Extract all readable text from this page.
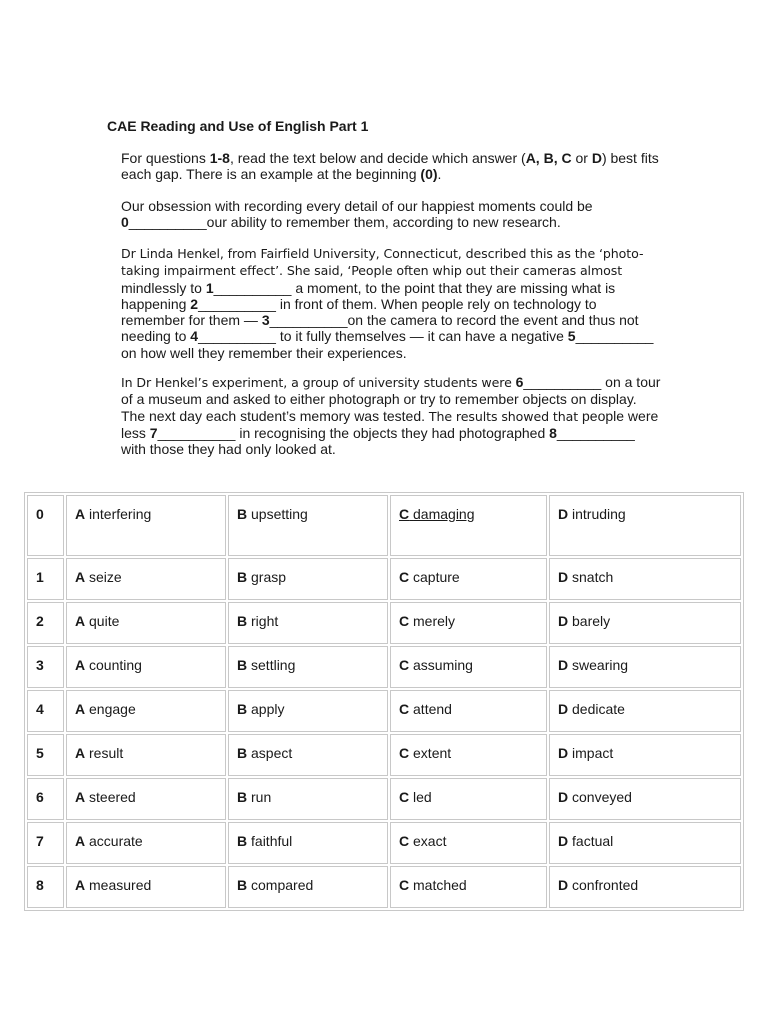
CAE Reading and Use of English Part 1

For questions 1-8, read the text below and decide which answer (A, B, C or D) best fits each gap. There is an example at the beginning (0).

Our obsession with recording every detail of our happiest moments could be 0__________our ability to remember them, according to new research.

Dr Linda Henkel, from Fairfield University, Connecticut, described this as the ‘photo-taking impairment effect’. She said, ‘People often whip out their cameras almost mindlessly to 1__________ a moment, to the point that they are missing what is happening 2__________ in front of them. When people rely on technology to remember for them — 3__________on the camera to record the event and thus not needing to 4__________ to it fully themselves — it can have a negative 5__________ on how well they remember their experiences.

In Dr Henkel’s experiment, a group of university students were 6__________ on a tour of a museum and asked to either photograph or try to remember objects on display. The next day each student’s memory was tested. The results showed that people were less 7__________ in recognising the objects they had photographed 8__________ with those they had only looked at.

0	A interfering	B upsetting	C damaging	D intruding

1	A seize	B grasp	C capture	D snatch

2	A quite	B right	C merely	D barely

3	A counting	B settling	C assuming	D swearing

4	A engage	B apply	C attend	D dedicate

5	A result	B aspect	C extent	D impact

6	A steered	B run	C led	D conveyed

7	A accurate	B faithful	C exact	D factual

8	A measured	B compared	C matched	D confronted
